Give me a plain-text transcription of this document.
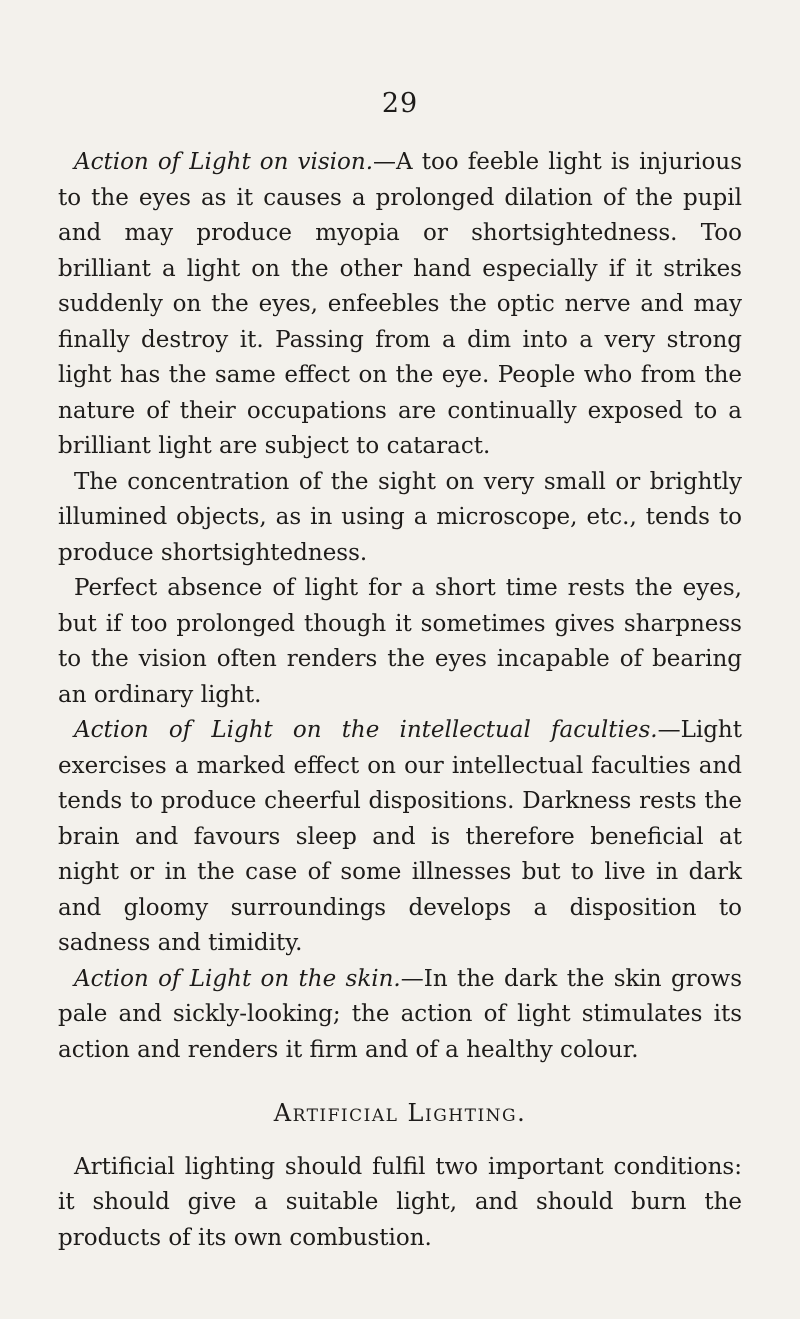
29

Action of Light on vision.—A too feeble light is injurious to the eyes as it causes a prolonged dilation of the pupil and may produce myopia or shortsightedness. Too brilliant a light on the other hand especially if it strikes suddenly on the eyes, enfeebles the optic nerve and may finally destroy it. Passing from a dim into a very strong light has the same effect on the eye. People who from the nature of their occupations are continually exposed to a brilliant light are subject to cataract.

The concentration of the sight on very small or brightly illumined objects, as in using a microscope, etc., tends to produce shortsightedness.

Perfect absence of light for a short time rests the eyes, but if too prolonged though it sometimes gives sharpness to the vision often renders the eyes incapable of bearing an ordinary light.

Action of Light on the intellectual faculties.—Light exercises a marked effect on our intellectual faculties and tends to produce cheerful dispositions. Darkness rests the brain and favours sleep and is therefore beneficial at night or in the case of some illnesses but to live in dark and gloomy surroundings develops a disposition to sadness and timidity.

Action of Light on the skin.—In the dark the skin grows pale and sickly-looking; the action of light stimulates its action and renders it firm and of a healthy colour.

Artificial Lighting.

Artificial lighting should fulfil two important conditions: it should give a suitable light, and should burn the products of its own combustion.
